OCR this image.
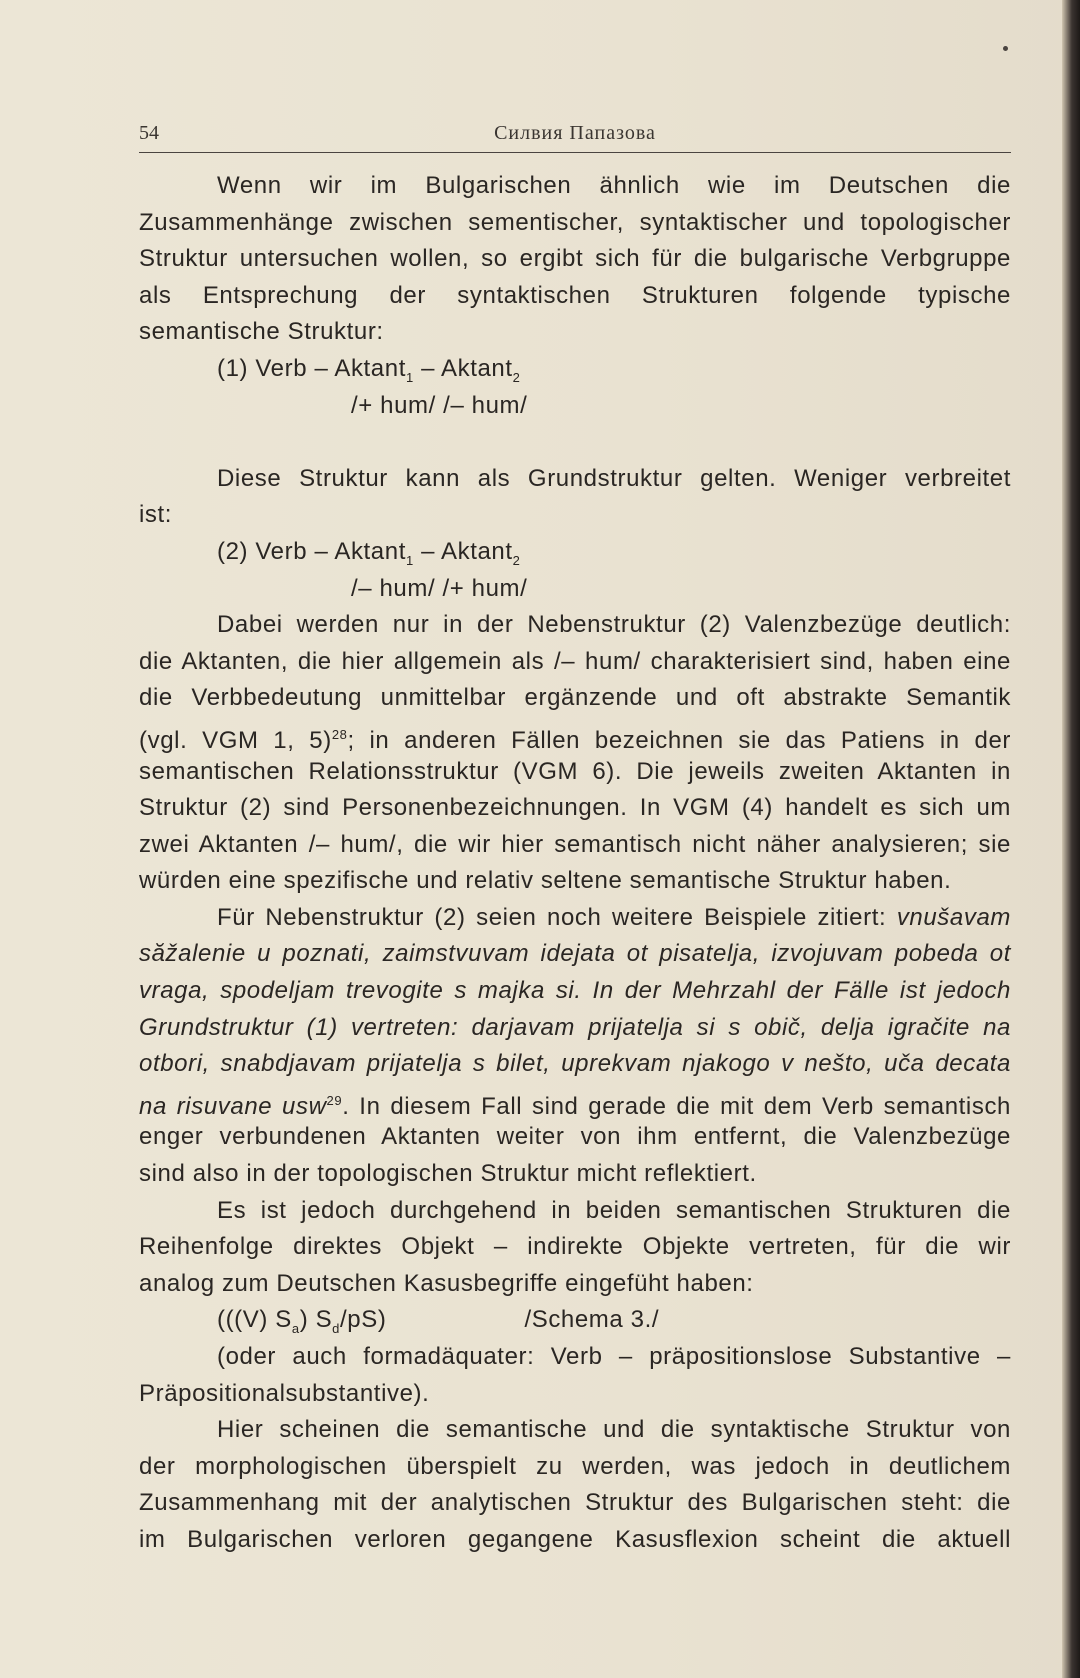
54	Силвия Папазова
Wenn wir im Bulgarischen ähnlich wie im Deutschen die
Zusammenhänge zwischen sementischer, syntaktischer und topologischer
Struktur untersuchen wollen, so ergibt sich für die bulgarische Verbgruppe
als Entsprechung der syntaktischen Strukturen folgende typische
semantische Struktur:
(1) Verb – Aktant$_1$ – Aktant$_2$
/+ hum/ /– hum/
Diese Struktur kann als Grundstruktur gelten. Weniger verbreitet
ist:
(2) Verb – Aktant$_1$ – Aktant$_2$
/– hum/ /+ hum/
Dabei werden nur in der Nebenstruktur (2) Valenzbezüge deutlich:
die Aktanten, die hier allgemein als /– hum/ charakterisiert sind, haben eine
die Verbbedeutung unmittelbar ergänzende und oft abstrakte Semantik
(vgl. VGM 1, 5)$^{28}$; in anderen Fällen bezeichnen sie das Patiens in der
semantischen Relationsstruktur (VGM 6). Die jeweils zweiten Aktanten in
Struktur (2) sind Personenbezeichnungen. In VGM (4) handelt es sich um
zwei Aktanten /– hum/, die wir hier semantisch nicht näher analysieren; sie
würden eine spezifische und relativ seltene semantische Struktur haben.
Für Nebenstruktur (2) seien noch weitere Beispiele zitiert: vnušavam
săžalenie u poznati, zaimstvuvam idejata ot pisatelja, izvojuvam pobeda ot
vraga, spodeljam trevogite s majka si. In der Mehrzahl der Fälle ist jedoch
Grundstruktur (1) vertreten: darjavam prijatelja si s obič, delja igračite na
otbori, snabdjavam prijatelja s bilet, uprekvam njakogo v nešto, uča decata
na risuvane usw$^{29}$. In diesem Fall sind gerade die mit dem Verb semantisch
enger verbundenen Aktanten weiter von ihm entfernt, die Valenzbezüge
sind also in der topologischen Struktur micht reflektiert.
Es ist jedoch durchgehend in beiden semantischen Strukturen die
Reihenfolge direktes Objekt – indirekte Objekte vertreten, für die wir
analog zum Deutschen Kasusbegriffe eingefüht haben:
(((V) $S_a$) $S_d/pS$)	/Schema 3./
(oder auch formadäquater: Verb – präpositionslose Substantive –
Präpositionalsubstantive).
Hier scheinen die semantische und die syntaktische Struktur von
der morphologischen überspielt zu werden, was jedoch in deutlichem
Zusammenhang mit der analytischen Struktur des Bulgarischen steht: die
im Bulgarischen verloren gegangene Kasusflexion scheint die aktuell
